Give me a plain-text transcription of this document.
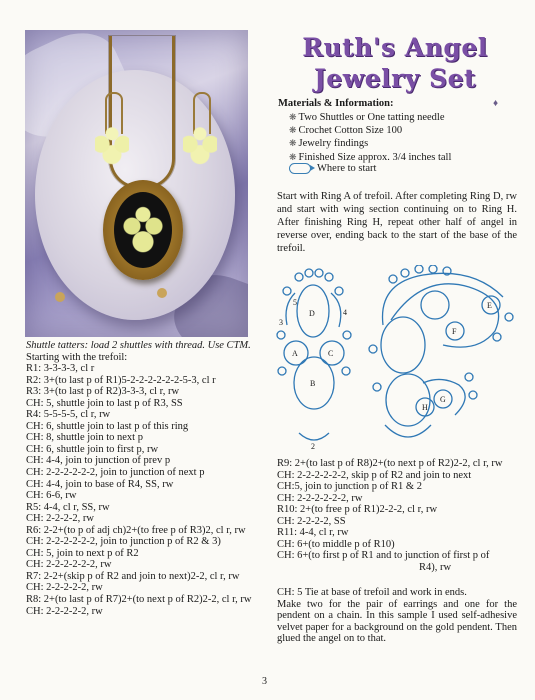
Ruth's Angel
Jewelry Set
Materials & Information:	♦
❋ Two Shuttles or One tatting needle
❋ Crochet Cotton Size 100
❋ Jewelry findings
❋ Finished Size approx. 3/4 inches tall
Where to start
Start with Ring A of trefoil. After completing Ring D, rw and start with wing section continuing on to Ring H. After finishing Ring H, repeat other half of angel in reverse over, ending back to the start of the base of the trefoil.
D
A	C
B
E
F
G
H
5
3
4
2
Shuttle tatters: load 2 shuttles with thread. Use CTM.
Starting with the trefoil:
R1: 3-3-3-3, cl r
R2: 3+(to last p of R1)5-2-2-2-2-2-2-5-3, cl r
R3: 3+(to last p of R2)3-3-3, cl r, rw
CH: 5, shuttle join to last p of R3, SS
R4: 5-5-5-5, cl r, rw
CH: 6, shuttle join to last p of this ring
CH: 8, shuttle join to next p
CH: 6, shuttle join to first p, rw
CH: 4-4, join to junction of prev p
CH: 2-2-2-2-2-2, join to junction of next p
CH: 4-4, join to base of R4, SS, rw
CH: 6-6, rw
R5: 4-4, cl r, SS, rw
CH: 2-2-2-2, rw
R6: 2-2+(to p of adj ch)2+(to free p of R3)2, cl r, rw
CH: 2-2-2-2-2-2, join to junction p of R2 & 3)
CH: 5, join to next p of R2
CH: 2-2-2-2-2-2, rw
R7: 2-2+(skip p of R2 and join to next)2-2, cl r, rw
CH: 2-2-2-2-2, rw
R8: 2+(to last p of R7)2+(to next p of R2)2-2, cl r, rw
CH: 2-2-2-2-2, rw
R9: 2+(to last p of R8)2+(to next p of R2)2-2, cl r, rw
CH: 2-2-2-2-2-2, skip p of R2 and join to next
CH:5, join to junction p of R1 & 2
CH: 2-2-2-2-2-2, rw
R10: 2+(to free p of R1)2-2-2, cl r, rw
CH: 2-2-2-2, SS
R11: 4-4, cl r, rw
CH: 6+(to middle p of R10)
CH: 6+(to first p of R1 and to junction of first p of
R4), rw
CH: 5 Tie at base of trefoil and work in ends.
Make two for the pair of earrings and one for the pendent on a chain. In this sample I used self-adhesive velvet paper for a background on the gold pendent. Then glued the angel on to that.
3
